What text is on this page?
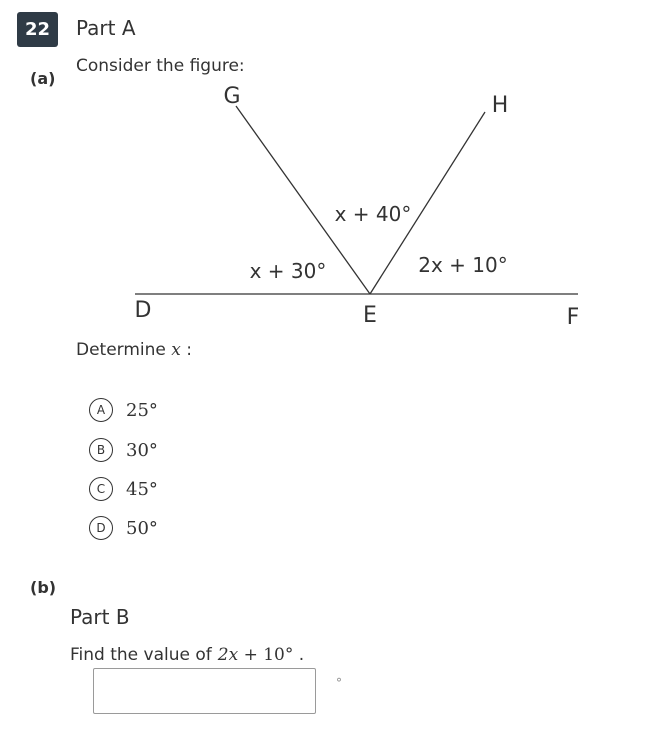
22	Part A
(a)
Consider the figure:
G	H
D	E	F
x + 30°
x + 40°
2x + 10°
Determine x :
A	25°
B	30°
C	45°
D	50°
(b)
Part B
Find the value of 2x + 10° .
°
